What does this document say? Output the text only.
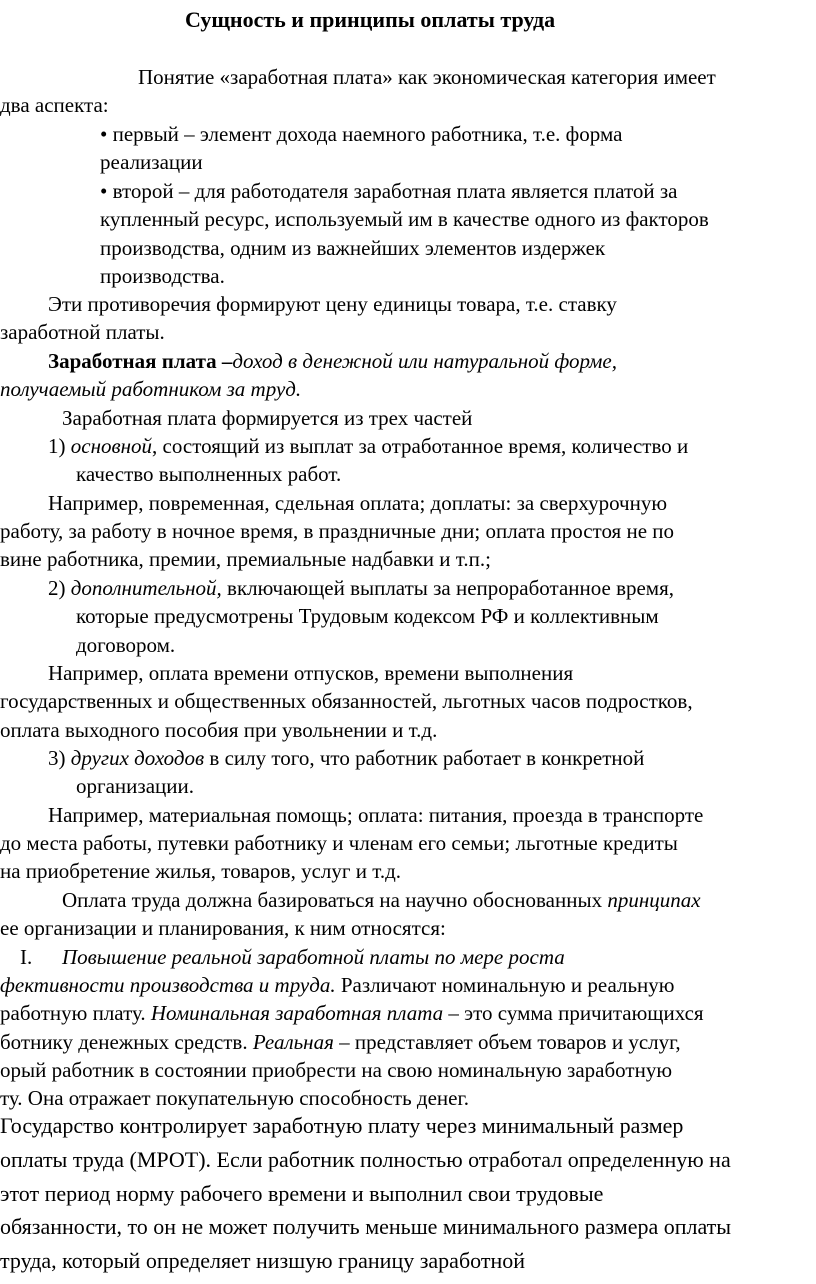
Сущность и принципы оплаты труда
Понятие «заработная плата» как экономическая категория имеет
два аспекта:
• первый – элемент дохода наемного работника, т.е. форма
реализации
• второй – для работодателя заработная плата является платой за
купленный ресурс, используемый им в качестве одного из факторов
производства, одним из важнейших элементов издержек
производства.
Эти противоречия формируют цену единицы товара, т.е. ставку
заработной платы.
Заработная плата –доход в денежной или натуральной форме,
получаемый работником за труд.
Заработная плата формируется из трех частей
1) основной, состоящий из выплат за отработанное время, количество и
качество выполненных работ.
Например, повременная, сдельная оплата; доплаты: за сверхурочную
работу, за работу в ночное время, в праздничные дни; оплата простоя не по
вине работника, премии, премиальные надбавки и т.п.;
2) дополнительной, включающей выплаты за непроработанное время,
которые предусмотрены Трудовым кодексом РФ и коллективным
договором.
Например, оплата времени отпусков, времени выполнения
государственных и общественных обязанностей, льготных часов подростков,
оплата выходного пособия при увольнении и т.д.
3) других доходов в силу того, что работник работает в конкретной
организации.
Например, материальная помощь; оплата: питания, проезда в транспорте
до места работы, путевки работнику и членам его семьи; льготные кредиты
на приобретение жилья, товаров, услуг и т.д.
Оплата труда должна базироваться на научно обоснованных принципах
ее организации и планирования, к ним относятся:
I. Повышение реальной заработной платы по мере роста
фективности производства и труда. Различают номинальную и реальную
работную плату. Номинальная заработная плата – это сумма причитающихся
ботнику денежных средств. Реальная – представляет объем товаров и услуг,
орый работник в состоянии приобрести на свою номинальную заработную
ту. Она отражает покупательную способность денег.
Государство контролирует заработную плату через минимальный размер
оплаты труда (МРОТ). Если работник полностью отработал определенную на
этот период норму рабочего времени и выполнил свои трудовые
обязанности, то он не может получить меньше минимального размера оплаты
труда, который определяет низшую границу заработной
